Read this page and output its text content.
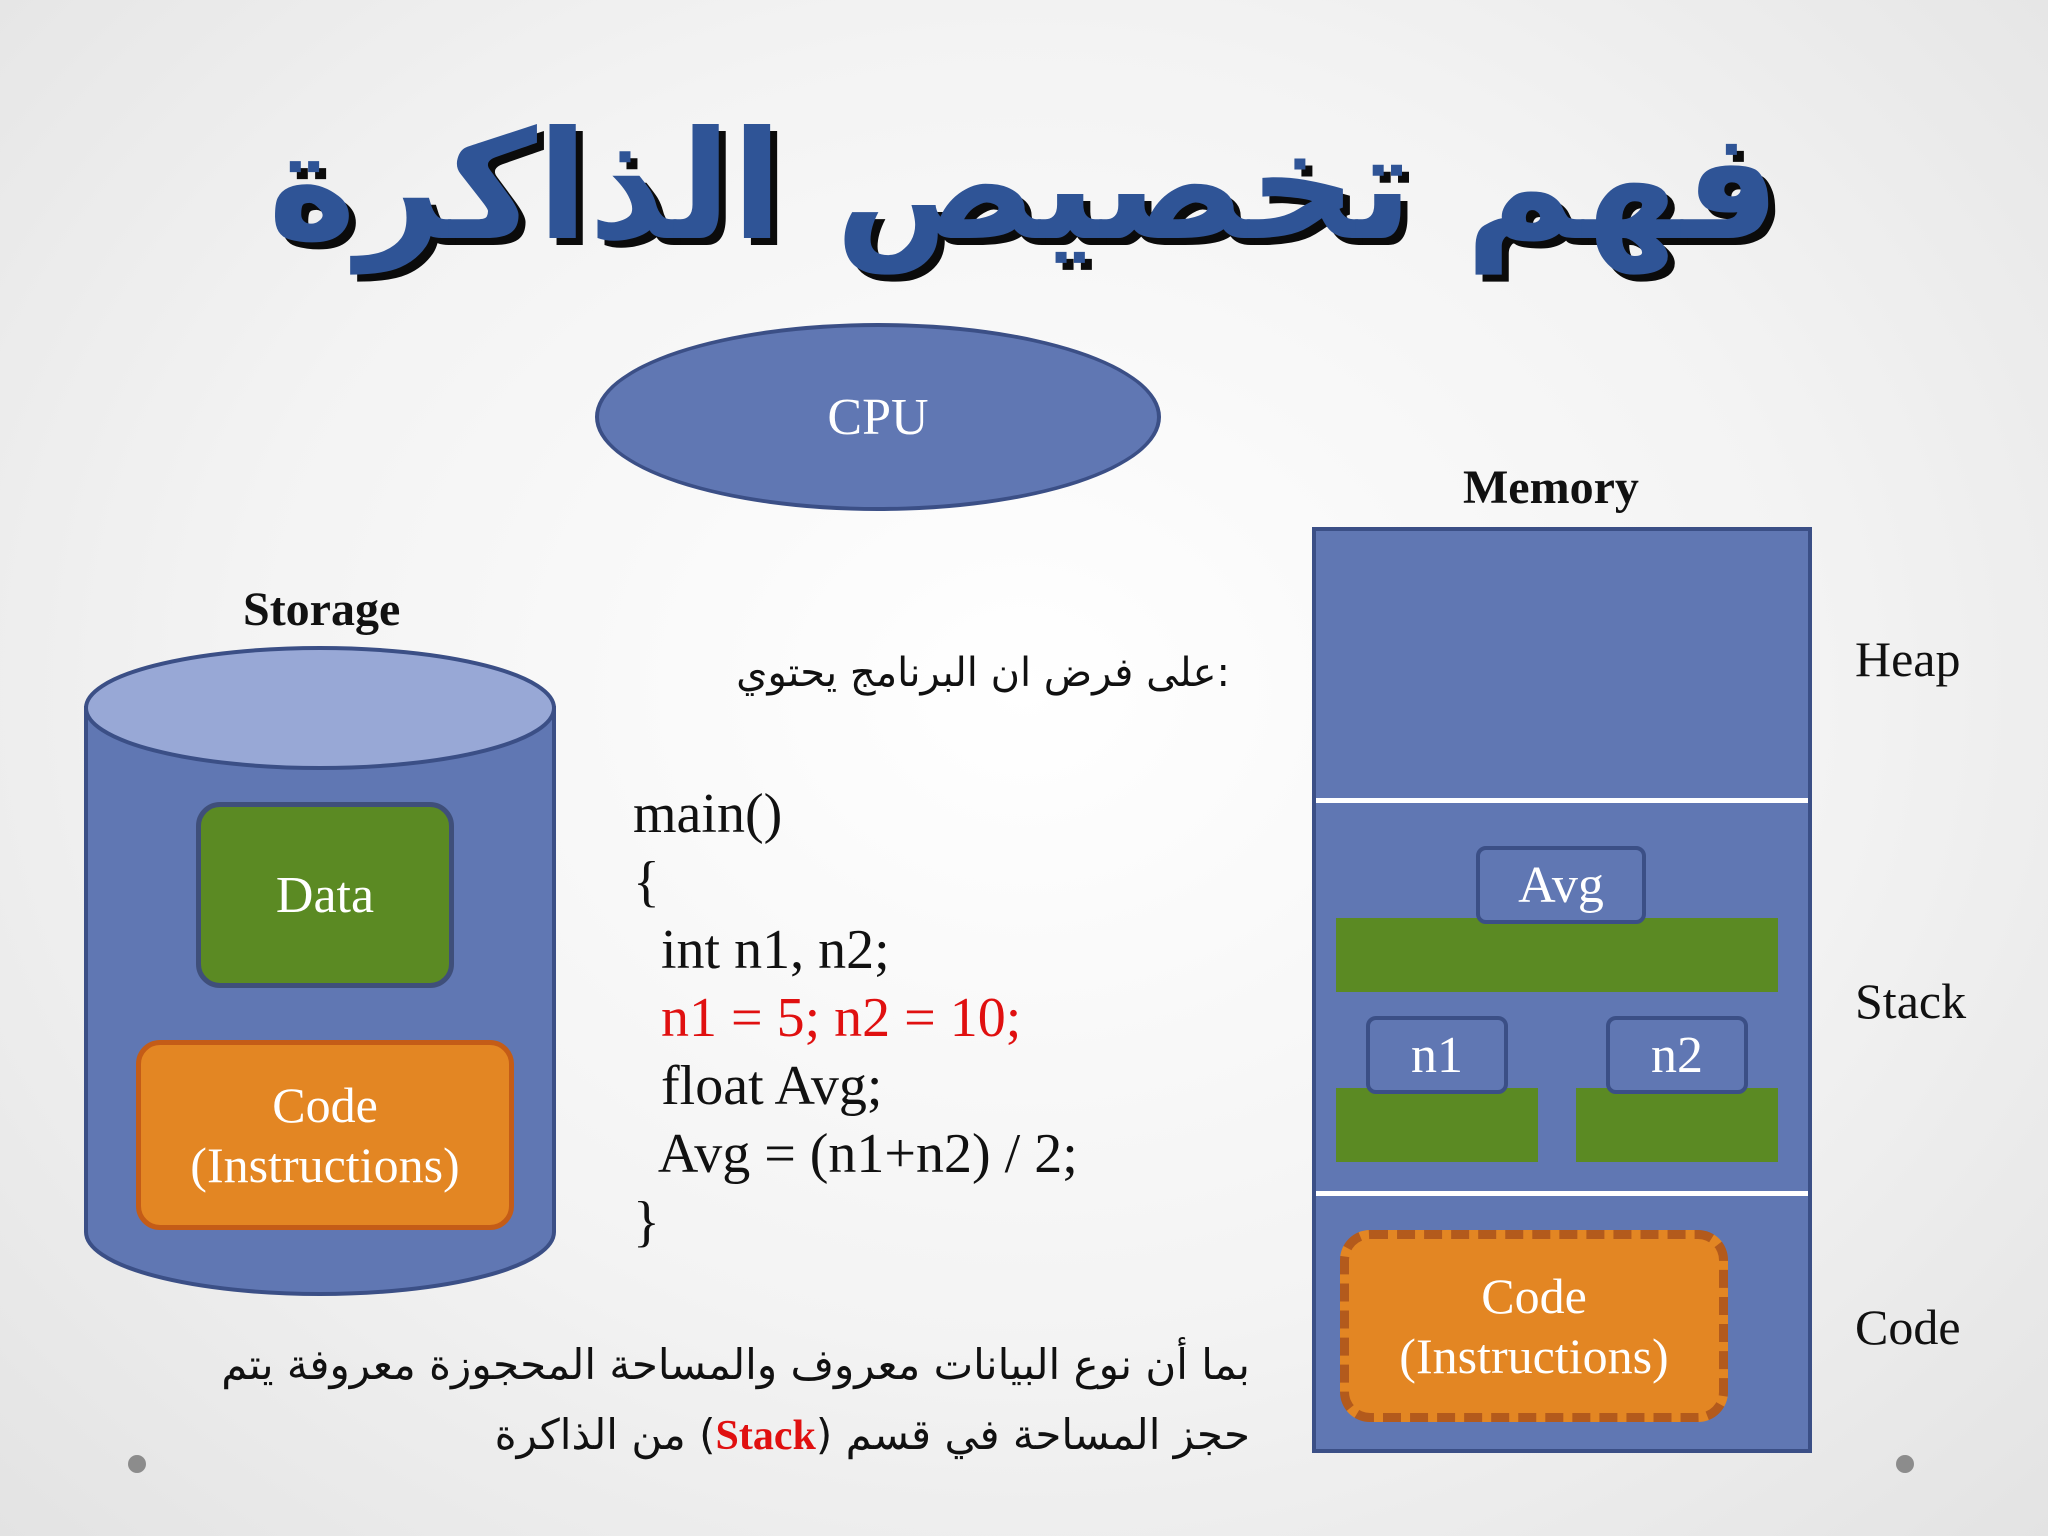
فهم تخصيص الذاكرة
CPU
Storage
Data
Code
(Instructions)
:على فرض ان البرنامج يحتوي
main()
{
int n1, n2;
n1 = 5; n2 = 10;
float Avg;
Avg = (n1+n2) / 2;
}
Memory
Avg
n1	n2
Code
(Instructions)
Heap
Stack
Code
بما أن نوع البيانات معروف والمساحة المحجوزة معروفة يتم
حجز المساحة في قسم (Stack) من الذاكرة
